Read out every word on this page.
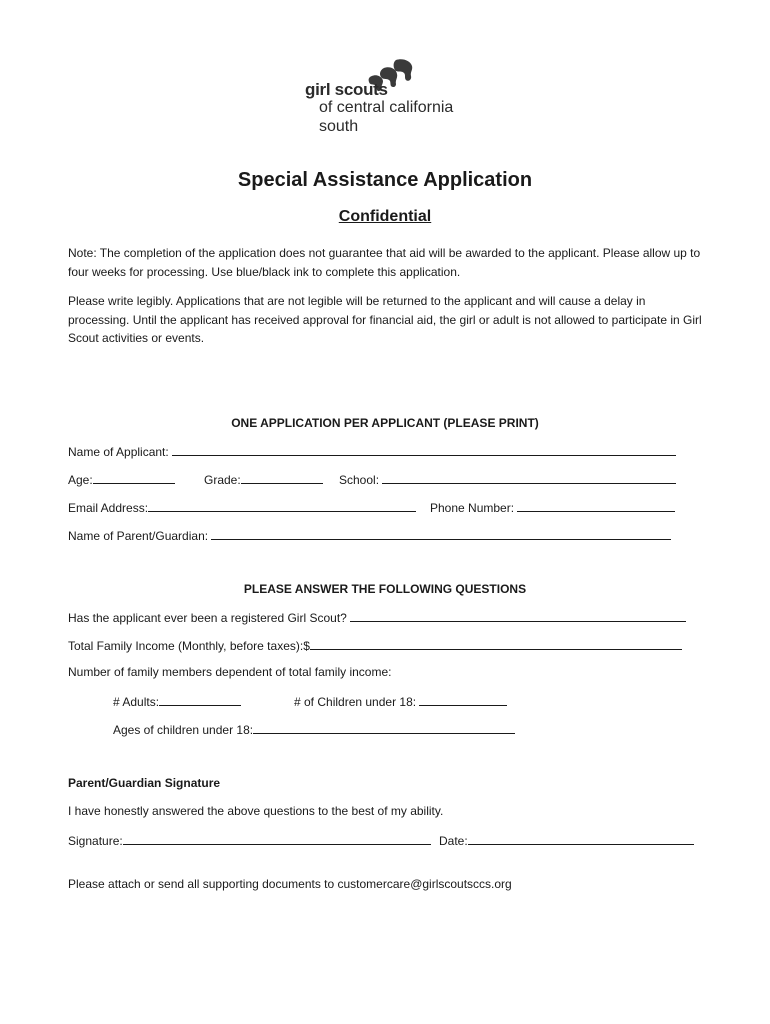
girl scouts
of central california
south
Special Assistance Application
Confidential
Note: The completion of the application does not guarantee that aid will be awarded to the applicant. Please allow up to four weeks for processing. Use blue/black ink to complete this application.
Please write legibly. Applications that are not legible will be returned to the applicant and will cause a delay in processing. Until the applicant has received approval for financial aid, the girl or adult is not allowed to participate in Girl Scout activities or events.
ONE APPLICATION PER APPLICANT (PLEASE PRINT)
Name of Applicant:
Age:	Grade:	School:
Email Address:	Phone Number:
Name of Parent/Guardian:
PLEASE ANSWER THE FOLLOWING QUESTIONS
Has the applicant ever been a registered Girl Scout?
Total Family Income (Monthly, before taxes):$
Number of family members dependent of total family income:
# Adults:	# of Children under 18:
Ages of children under 18:
Parent/Guardian Signature
I have honestly answered the above questions to the best of my ability.
Signature:	Date:
Please attach or send all supporting documents to customercare@girlscoutsccs.org
